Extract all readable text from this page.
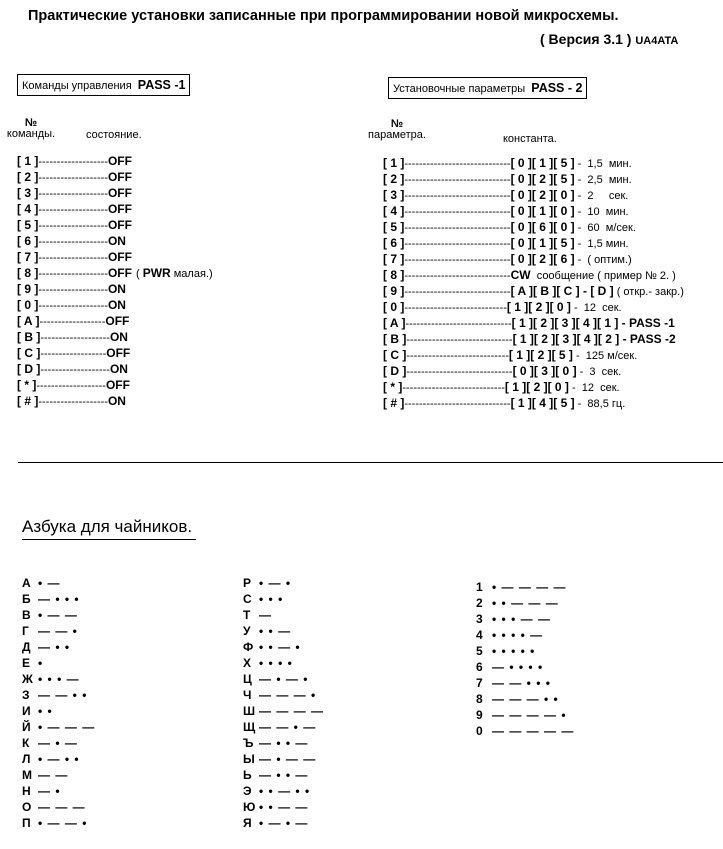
Практические установки записанные при программировании новой микросхемы.
( Версия 3.1 ) UA4ATA
Команды управления PASS -1
№
команды.	состояние.
[ 1 ]-------------------OFF
[ 2 ]-------------------OFF
[ 3 ]-------------------OFF
[ 4 ]-------------------OFF
[ 5 ]-------------------OFF
[ 6 ]-------------------ON
[ 7 ]-------------------OFF
[ 8 ]-------------------OFF ( PWR малая.)
[ 9 ]-------------------ON
[ 0 ]-------------------ON
[ A ]------------------OFF
[ B ]-------------------ON
[ C ]------------------OFF
[ D ]-------------------ON
[ * ]-------------------OFF
[ # ]-------------------ON
Установочные параметры PASS - 2
№
параметра.	константа.
[ 1 ]-----------------------------[ 0 ][ 1 ][ 5 ] -  1,5  мин.
[ 2 ]-----------------------------[ 0 ][ 2 ][ 5 ] -  2,5  мин.
[ 3 ]-----------------------------[ 0 ][ 2 ][ 0 ] -  2     сек.
[ 4 ]-----------------------------[ 0 ][ 1 ][ 0 ] -  10  мин.
[ 5 ]-----------------------------[ 0 ][ 6 ][ 0 ] -  60  м/сек.
[ 6 ]-----------------------------[ 0 ][ 1 ][ 5 ] -  1,5 мин.
[ 7 ]-----------------------------[ 0 ][ 2 ][ 6 ] -  ( оптим.)
[ 8 ]-----------------------------CW  сообщение ( пример № 2. )
[ 9 ]-----------------------------[ A ][ B ][ C ] - [ D ] ( откр.- закр.)
[ 0 ]----------------------------[ 1 ][ 2 ][ 0 ] -  12  сек.
[ A ]-----------------------------[ 1 ][ 2 ][ 3 ][ 4 ][ 1 ] - PASS -1
[ B ]-----------------------------[ 1 ][ 2 ][ 3 ][ 4 ][ 2 ] - PASS -2
[ C ]----------------------------[ 1 ][ 2 ][ 5 ] -  125 м/сек.
[ D ]-----------------------------[ 0 ][ 3 ][ 0 ] -  3  сек.
[ * ]----------------------------[ 1 ][ 2 ][ 0 ] -  12  сек.
[ # ]-----------------------------[ 1 ][ 4 ][ 5 ] -  88,5 гц.
Азбука для чайников.
А • —
Б — • • •
В • — —
Г — — •
Д — • •
Е •
Ж • • • —
З — — • •
И • •
Й • — — —
К — • —
Л • — • •
М — —
Н — •
О — — —
П • — — •
Р • — •
С • • •
Т —
У • • —
Ф • • — •
Х • • • •
Ц — • — •
Ч — — — •
Ш — — — —
Щ — — • —
Ъ — • • —
Ы — • — —
Ь — • • —
Э • • — • •
Ю • • — —
Я • — • —
1 • — — — —
2 • • — — —
3 • • • — —
4 • • • • —
5 • • • • •
6 — • • • •
7 — — • • •
8 — — — • •
9 — — — — •
0 — — — — —
